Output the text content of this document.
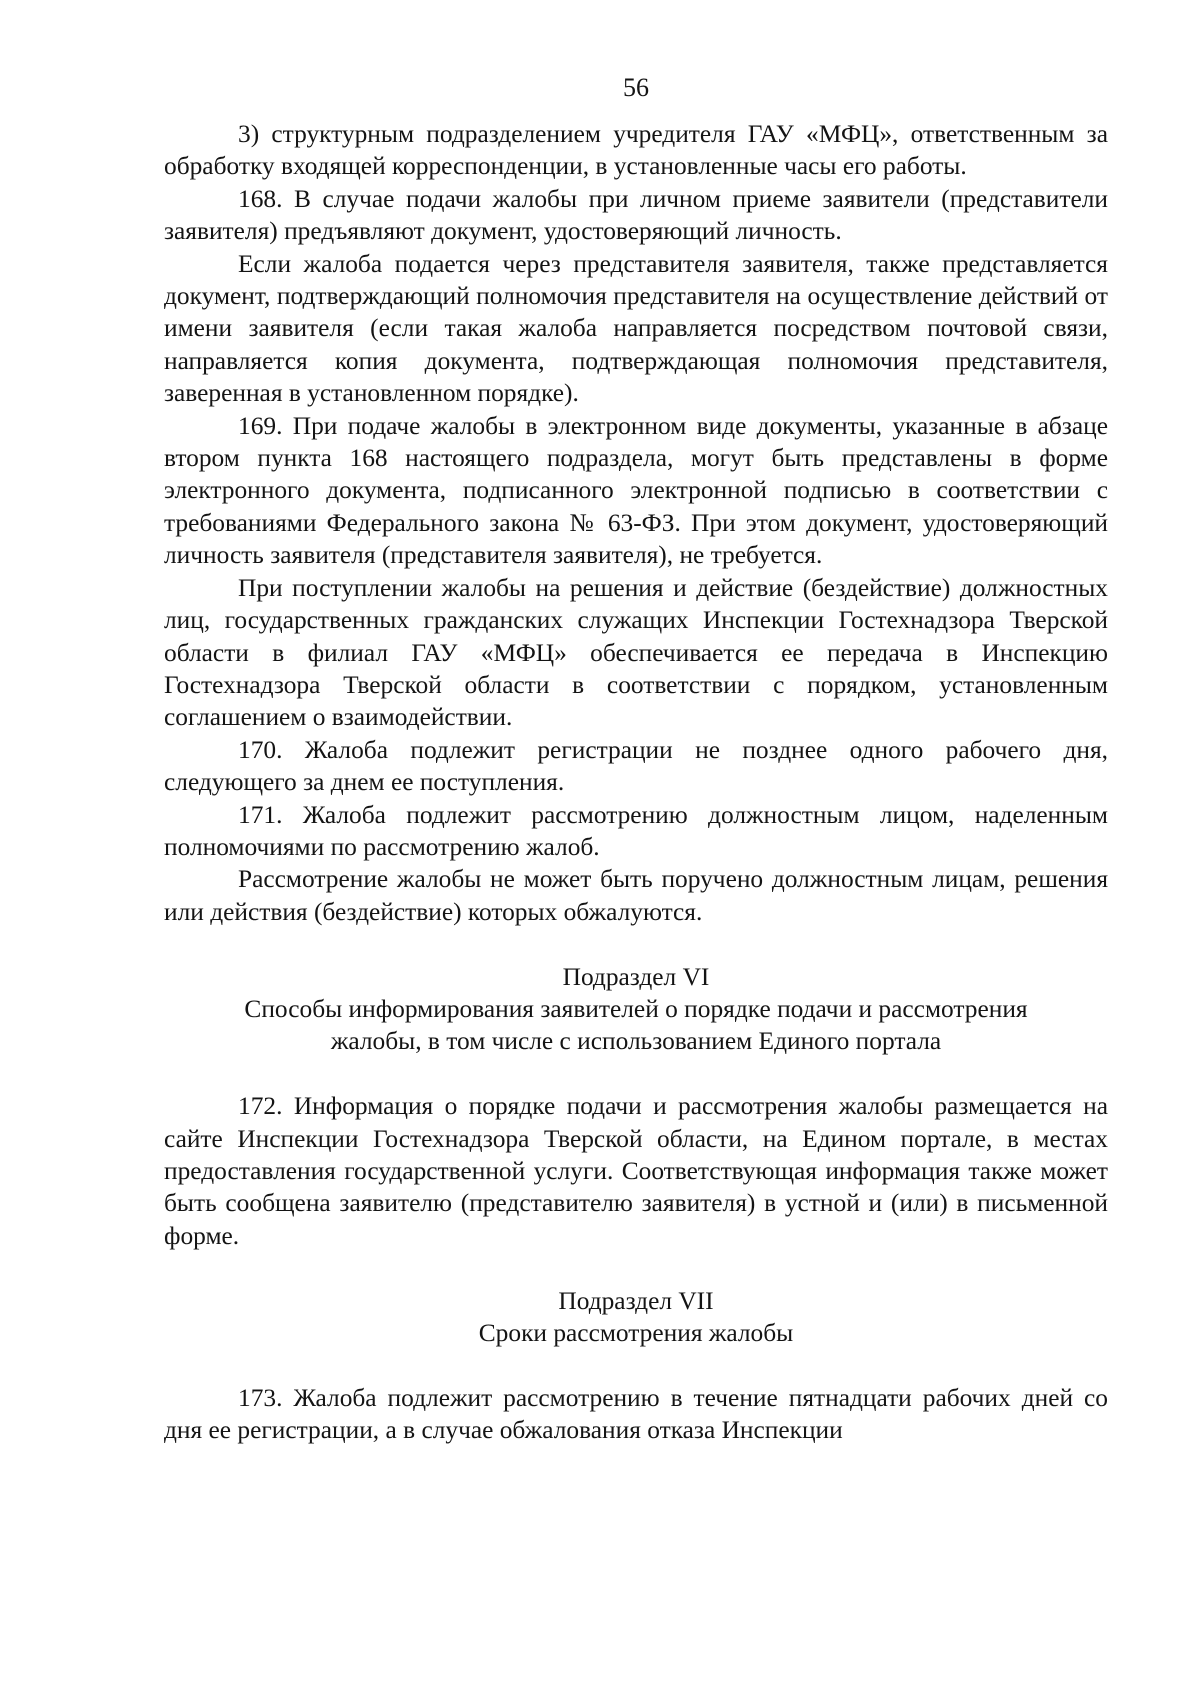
56

3) структурным подразделением учредителя ГАУ «МФЦ», ответственным за обработку входящей корреспонденции, в установленные часы его работы.

168. В случае подачи жалобы при личном приеме заявители (представители заявителя) предъявляют документ, удостоверяющий личность.

Если жалоба подается через представителя заявителя, также представляется документ, подтверждающий полномочия представителя на осуществление действий от имени заявителя (если такая жалоба направляется посредством почтовой связи, направляется копия документа, подтверждающая полномочия представителя, заверенная в установленном порядке).

169. При подаче жалобы в электронном виде документы, указанные в абзаце втором пункта 168 настоящего подраздела, могут быть представлены в форме электронного документа, подписанного электронной подписью в соответствии с требованиями Федерального закона № 63-ФЗ. При этом документ, удостоверяющий личность заявителя (представителя заявителя), не требуется.

При поступлении жалобы на решения и действие (бездействие) должностных лиц, государственных гражданских служащих Инспекции Гостехнадзора Тверской области в филиал ГАУ «МФЦ» обеспечивается ее передача в Инспекцию Гостехнадзора Тверской области в соответствии с порядком, установленным соглашением о взаимодействии.

170. Жалоба подлежит регистрации не позднее одного рабочего дня, следующего за днем ее поступления.

171. Жалоба подлежит рассмотрению должностным лицом, наделенным полномочиями по рассмотрению жалоб.

Рассмотрение жалобы не может быть поручено должностным лицам, решения или действия (бездействие) которых обжалуются.

Подраздел VI
Способы информирования заявителей о порядке подачи и рассмотрения
жалобы, в том числе с использованием Единого портала

172. Информация о порядке подачи и рассмотрения жалобы размещается на сайте Инспекции Гостехнадзора Тверской области, на Едином портале, в местах предоставления государственной услуги. Соответствующая информация также может быть сообщена заявителю (представителю заявителя) в устной и (или) в письменной форме.

Подраздел VII
Сроки рассмотрения жалобы

173. Жалоба подлежит рассмотрению в течение пятнадцати рабочих дней со дня ее регистрации, а в случае обжалования отказа Инспекции
